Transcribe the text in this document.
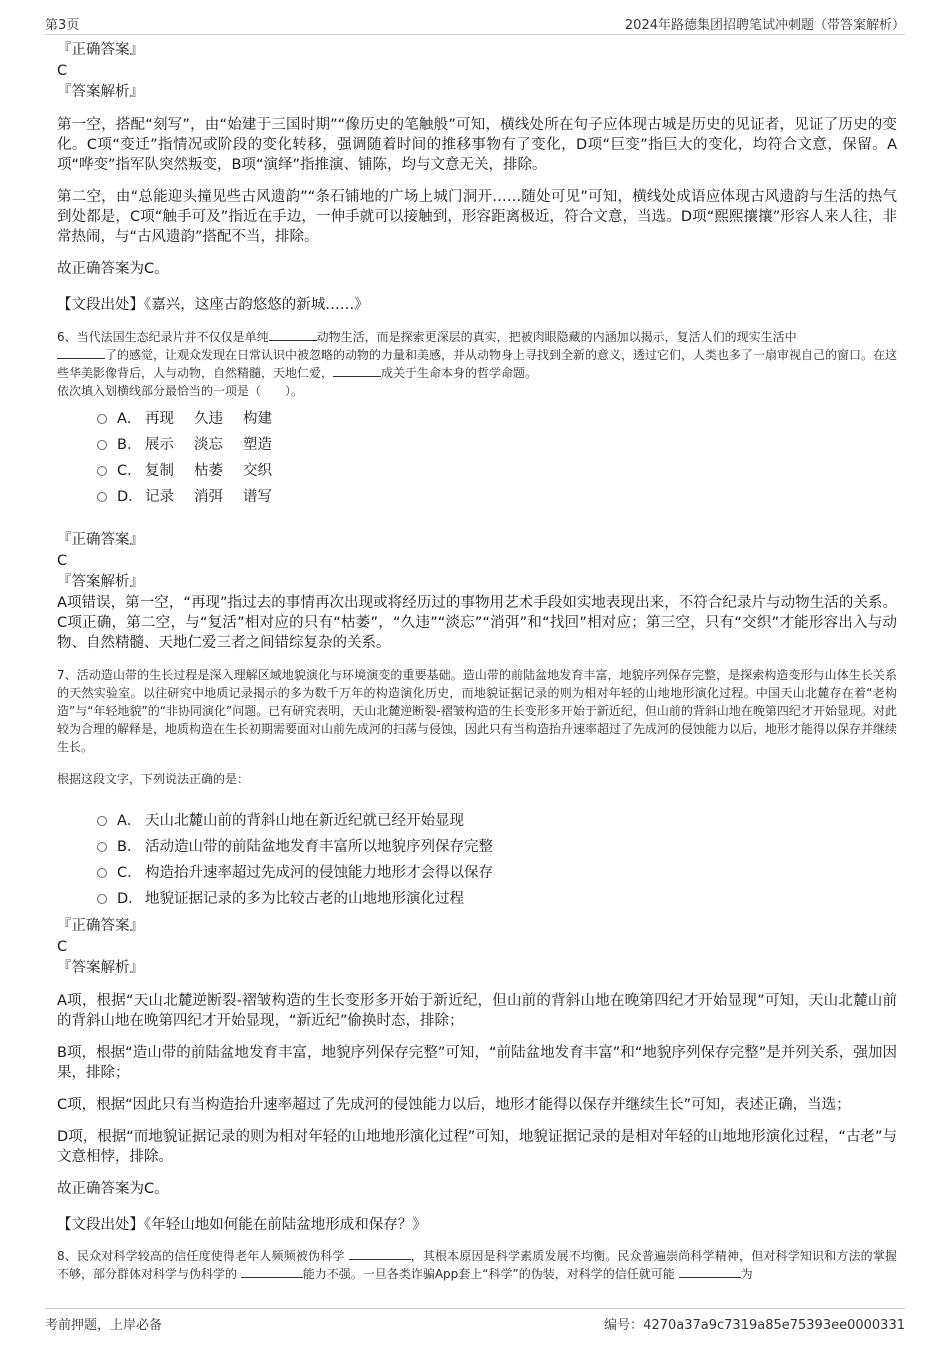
第3页	2024年路德集团招聘笔试冲刺题（带答案解析）
『正确答案』
C
『答案解析』

第一空，搭配“刻写”，由“始建于三国时期”“像历史的笔触般”可知，横线处所在句子应体现古城是历史的见证者，见证了历史的变化。C项“变迁”指情况或阶段的变化转移，强调随着时间的推移事物有了变化，D项“巨变”指巨大的变化，均符合文意，保留。A项“哗变”指军队突然叛变，B项“演绎”指推演、铺陈，均与文意无关，排除。

第二空，由“总能迎头撞见些古风遗韵”“条石铺地的广场上城门洞开……随处可见”可知，横线处成语应体现古风遗韵与生活的热气到处都是，C项“触手可及”指近在手边，一伸手就可以接触到，形容距离极近，符合文意，当选。D项“熙熙攘攘”形容人来人往，非常热闹，与“古风遗韵”搭配不当，排除。

故正确答案为C。

【文段出处】《嘉兴，这座古韵悠悠的新城……》

6、当代法国生态纪录片并不仅仅是单纯	动物生活，而是探索更深层的真实，把被肉眼隐藏的内涵加以揭示，复活人们的现实生活中
了的感觉，让观众发现在日常认识中被忽略的动物的力量和美感，并从动物身上寻找到全新的意义，透过它们，人类也多了一扇审视自己的窗口。在这些华美影像背后，人与动物，自然精髓，天地仁爱，	成关于生命本身的哲学命题。

依次填入划横线部分最恰当的一项是（　　）。

A． 再现 久违 构建
B． 展示 淡忘 塑造
C． 复制 枯萎 交织
D． 记录 消弭 谱写
『正确答案』
C
『答案解析』

A项错误，第一空，“再现”指过去的事情再次出现或将经历过的事物用艺术手段如实地表现出来，不符合纪录片与动物生活的关系。C项正确，第二空，与“复活”相对应的只有“枯萎”，“久违”“淡忘”“消弭”和“找回”相对应；第三空，只有“交织”才能形容出入与动物、自然精髓、天地仁爱三者之间错综复杂的关系。

7、活动造山带的生长过程是深入理解区域地貌演化与环境演变的重要基础。造山带的前陆盆地发育丰富，地貌序列保存完整，是探索构造变形与山体生长关系的天然实验室。以往研究中地质记录揭示的多为数千万年的构造演化历史，而地貌证据记录的则为相对年轻的山地地形演化过程。中国天山北麓存在着“老构造”与“年轻地貌”的“非协同演化”问题。已有研究表明，天山北麓逆断裂-褶皱构造的生长变形多开始于新近纪，但山前的背斜山地在晚第四纪才开始显现。对此较为合理的解释是，地质构造在生长初期需要面对山前先成河的扫荡与侵蚀，因此只有当构造抬升速率超过了先成河的侵蚀能力以后，地形才能得以保存并继续生长。

根据这段文字，下列说法正确的是：

A． 天山北麓山前的背斜山地在新近纪就已经开始显现
B． 活动造山带的前陆盆地发育丰富所以地貌序列保存完整
C． 构造抬升速率超过先成河的侵蚀能力地形才会得以保存
D． 地貌证据记录的多为比较古老的山地地形演化过程
『正确答案』
C
『答案解析』

A项，根据“天山北麓逆断裂-褶皱构造的生长变形多开始于新近纪，但山前的背斜山地在晚第四纪才开始显现”可知，天山北麓山前的背斜山地在晚第四纪才开始显现，“新近纪”偷换时态，排除；

B项，根据“造山带的前陆盆地发育丰富，地貌序列保存完整”可知，“前陆盆地发育丰富”和“地貌序列保存完整”是并列关系，强加因果，排除；

C项，根据“因此只有当构造抬升速率超过了先成河的侵蚀能力以后，地形才能得以保存并继续生长”可知，表述正确，当选；

D项，根据“而地貌证据记录的则为相对年轻的山地地形演化过程”可知，地貌证据记录的是相对年轻的山地地形演化过程，“古老”与文意相悖，排除。

故正确答案为C。

【文段出处】《年轻山地如何能在前陆盆地形成和保存？》

8、民众对科学较高的信任度使得老年人频频被伪科学	，其根本原因是科学素质发展不均衡。民众普遍崇尚科学精神，但对科学知识和方法的掌握不够，部分群体对科学与伪科学的	能力不强。一旦各类诈骗App套上“科学”的伪装，对科学的信任就可能	为

考前押题，上岸必备	编号：4270a37a9c7319a85e75393ee0000331
